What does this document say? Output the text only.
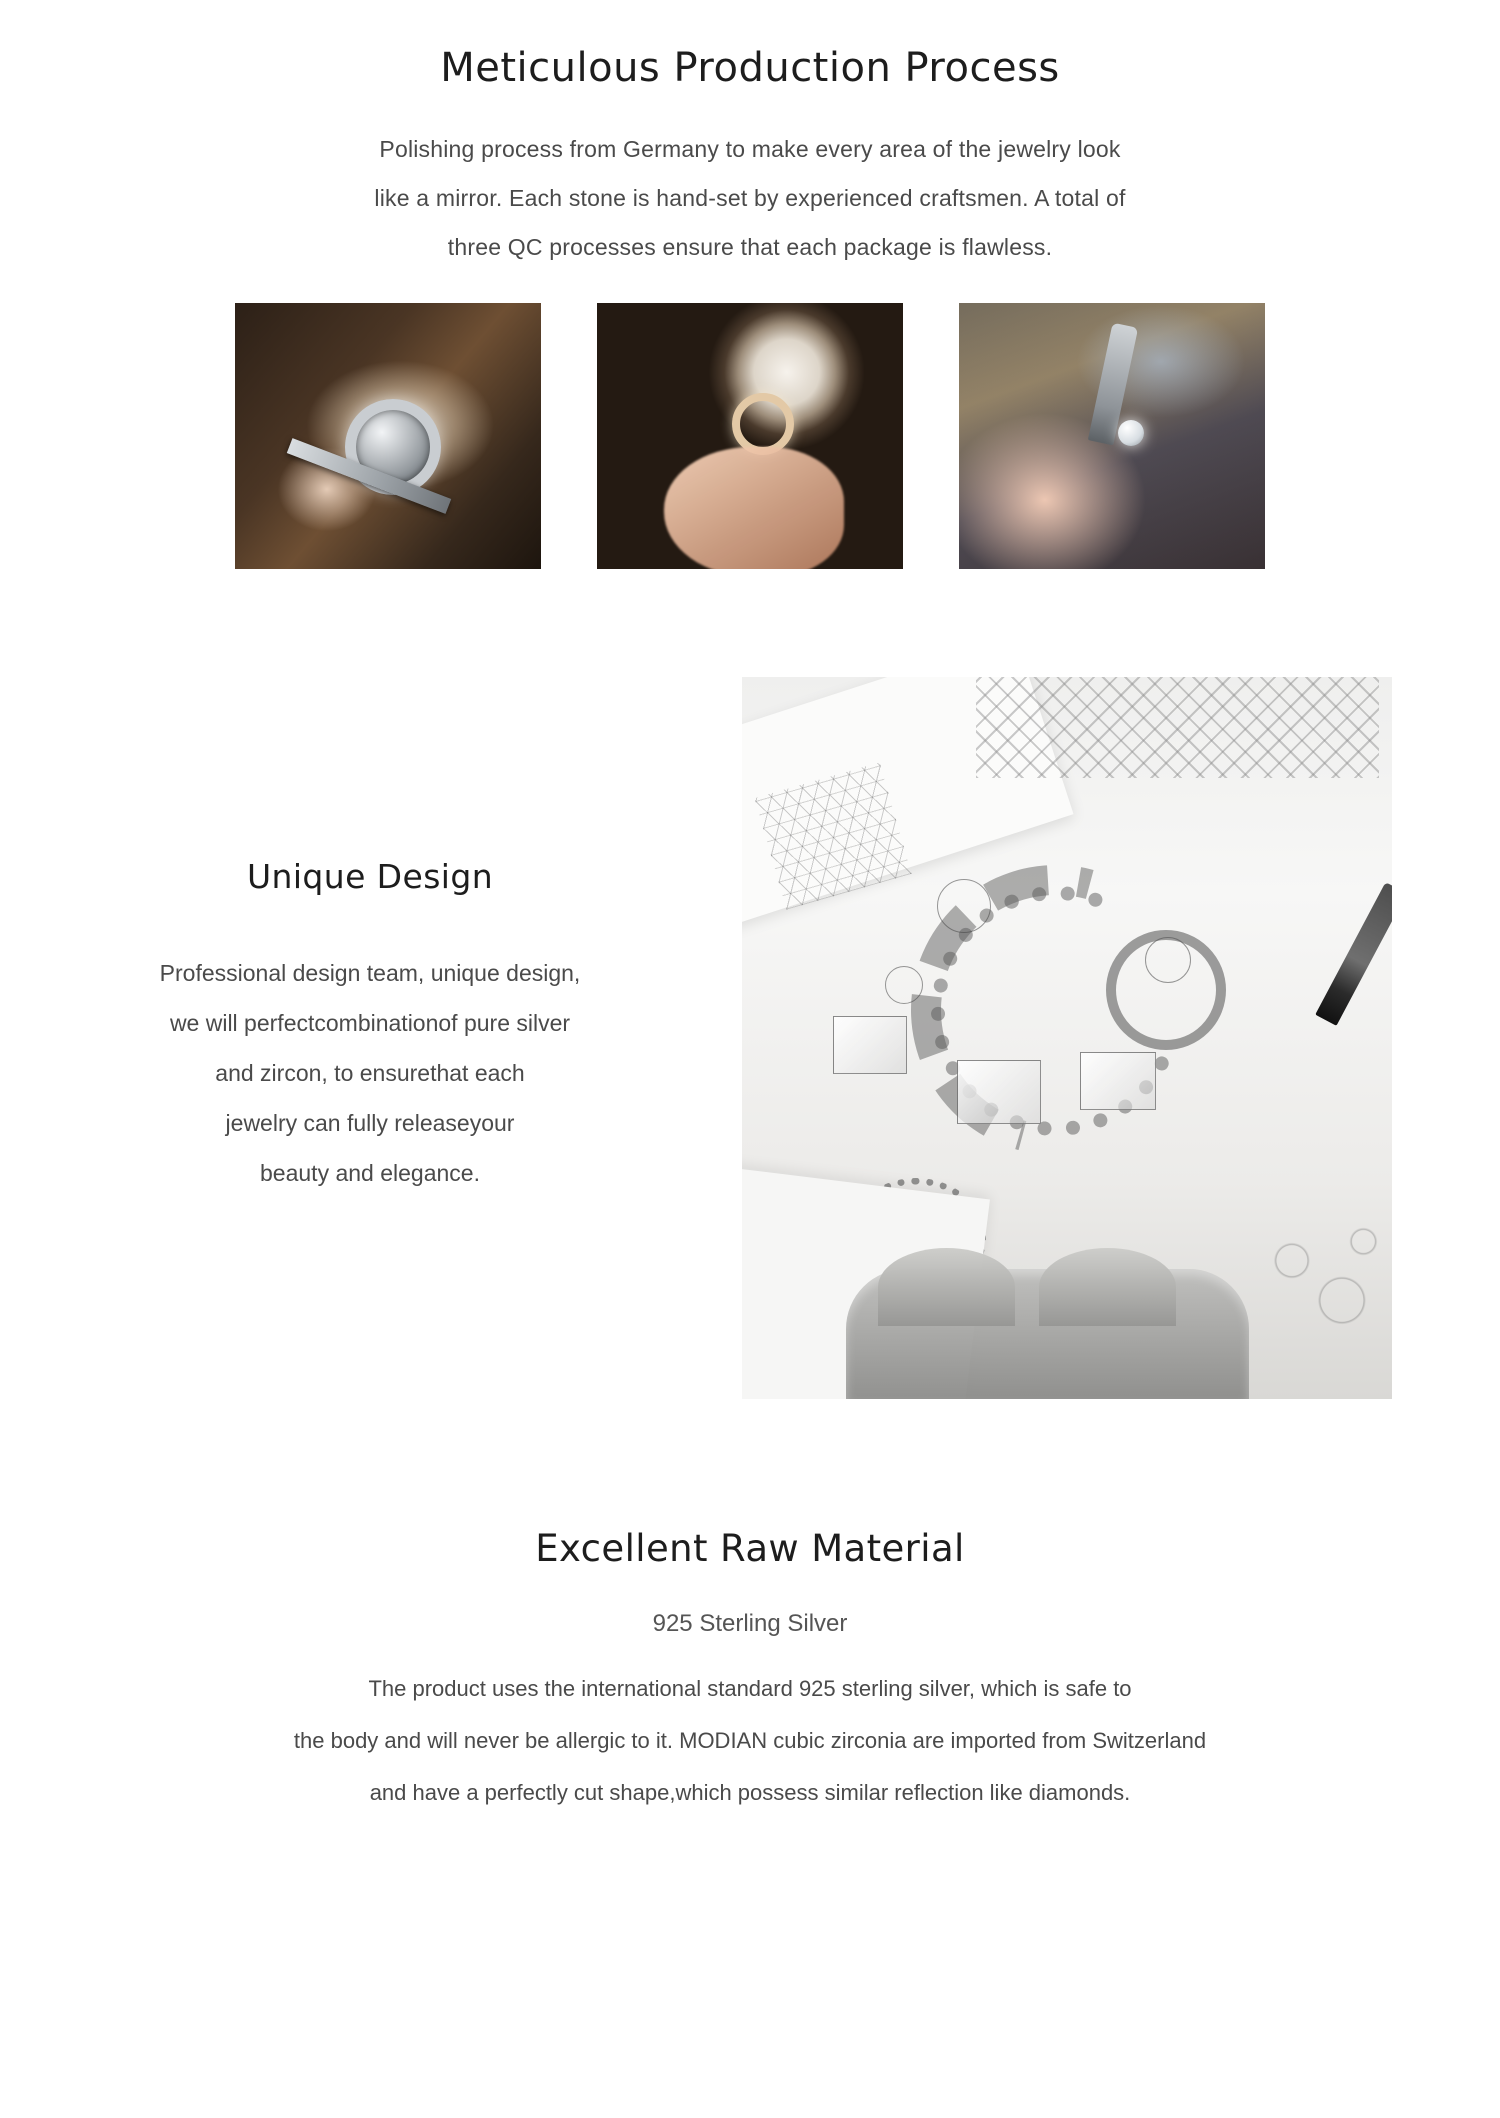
Meticulous Production Process

Polishing process from Germany to make every area of the jewelry look

like a mirror. Each stone is hand-set by experienced craftsmen. A total of

three QC processes ensure that each package is flawless.

Unique Design

Professional design team, unique design,

we will perfectcombinationof pure silver

and zircon, to ensurethat each

jewelry can fully releaseyour

beauty and elegance.

Excellent Raw Material

925 Sterling Silver

The product uses the international standard 925 sterling silver, which is safe to

the body and will never be allergic to it. MODIAN cubic zirconia are imported from Switzerland

and have a perfectly cut shape,which possess similar reflection like diamonds.
